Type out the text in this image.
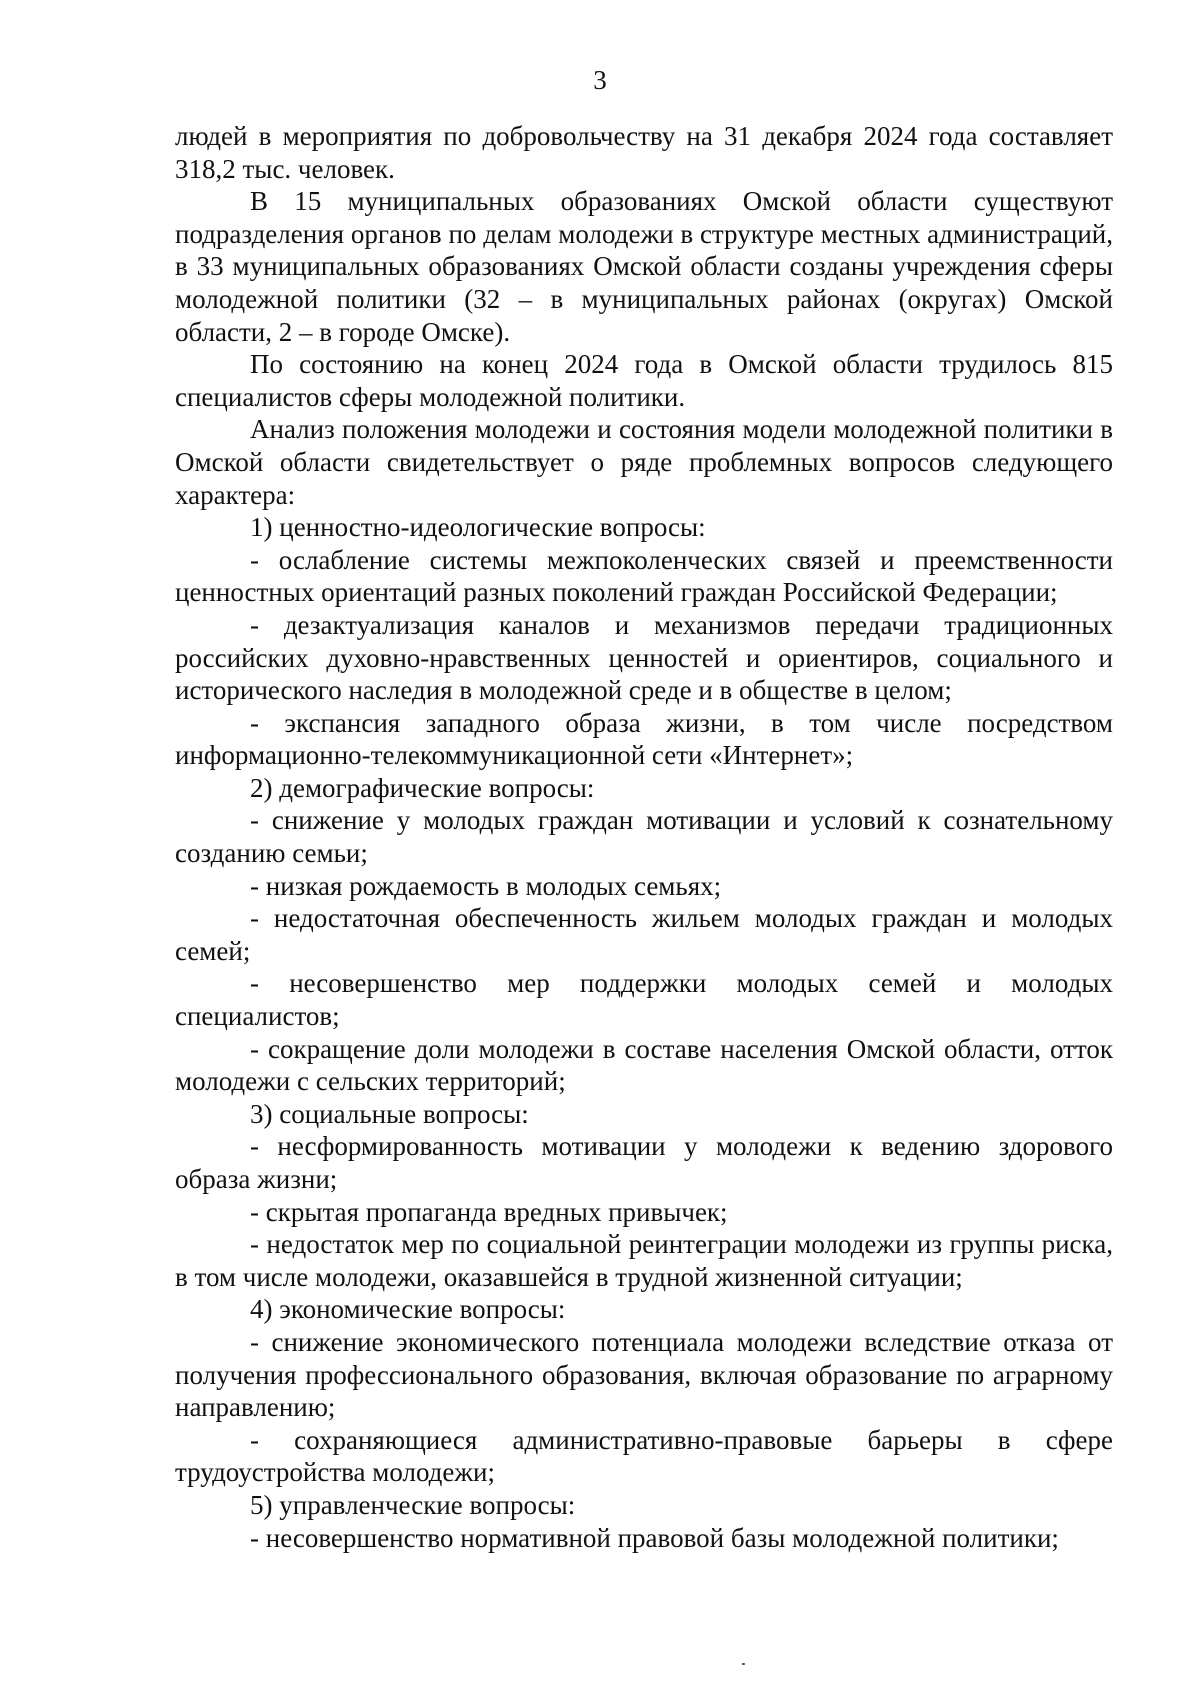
3

людей в мероприятия по добровольчеству на 31 декабря 2024 года составляет 318,2 тыс. человек.

В 15 муниципальных образованиях Омской области существуют подразделения органов по делам молодежи в структуре местных администраций, в 33 муниципальных образованиях Омской области созданы учреждения сферы молодежной политики (32 – в муниципальных районах (округах) Омской области, 2 – в городе Омске).

По состоянию на конец 2024 года в Омской области трудилось 815 специалистов сферы молодежной политики.

Анализ положения молодежи и состояния модели молодежной политики в Омской области свидетельствует о ряде проблемных вопросов следующего характера:

1) ценностно-идеологические вопросы:

- ослабление системы межпоколенческих связей и преемственности ценностных ориентаций разных поколений граждан Российской Федерации;

- дезактуализация каналов и механизмов передачи традиционных российских духовно-нравственных ценностей и ориентиров, социального и исторического наследия в молодежной среде и в обществе в целом;

- экспансия западного образа жизни, в том числе посредством информационно-телекоммуникационной сети «Интернет»;

2) демографические вопросы:

- снижение у молодых граждан мотивации и условий к сознательному созданию семьи;

- низкая рождаемость в молодых семьях;

- недостаточная обеспеченность жильем молодых граждан и молодых семей;

- несовершенство мер поддержки молодых семей и молодых специалистов;

- сокращение доли молодежи в составе населения Омской области, отток молодежи с сельских территорий;

3) социальные вопросы:

- несформированность мотивации у молодежи к ведению здорового образа жизни;

- скрытая пропаганда вредных привычек;

- недостаток мер по социальной реинтеграции молодежи из группы риска, в том числе молодежи, оказавшейся в трудной жизненной ситуации;

4) экономические вопросы:

- снижение экономического потенциала молодежи вследствие отказа от получения профессионального образования, включая образование по аграрному направлению;

- сохраняющиеся административно-правовые барьеры в сфере трудоустройства молодежи;

5) управленческие вопросы:

- несовершенство нормативной правовой базы молодежной политики;
